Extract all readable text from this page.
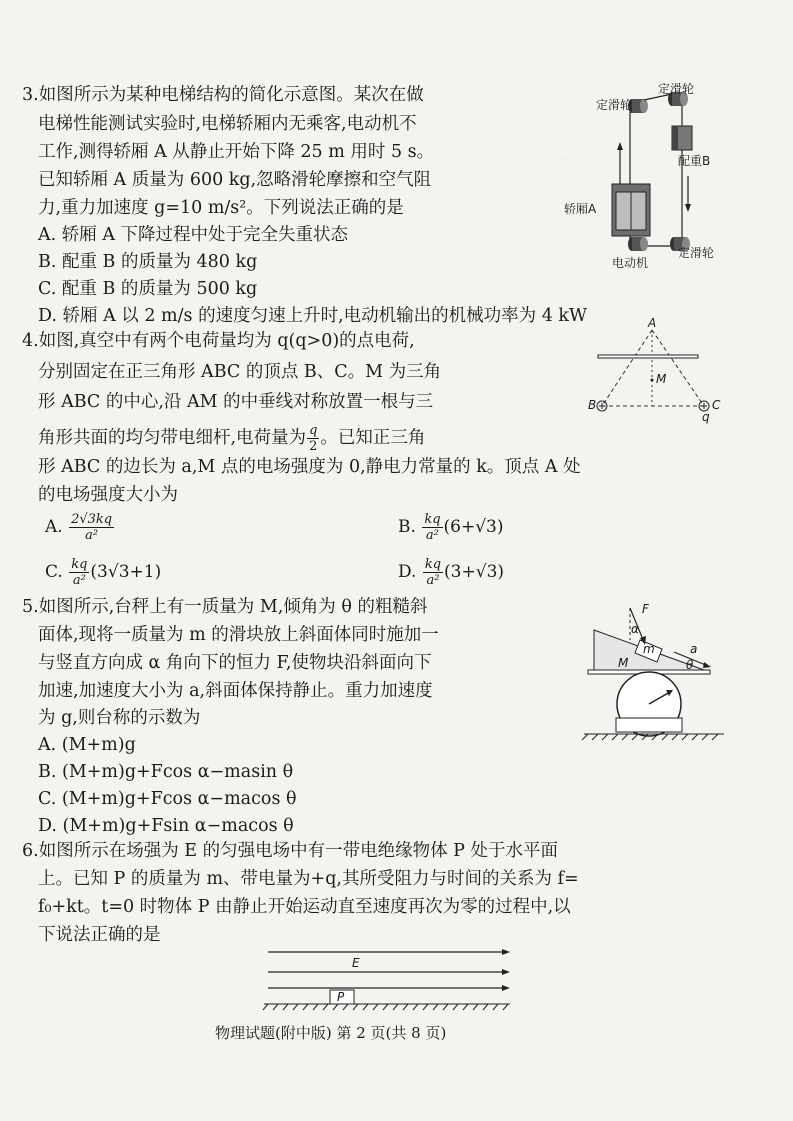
·
3.如图所示为某种电梯结构的简化示意图。某次在做
电梯性能测试实验时,电梯轿厢内无乘客,电动机不
工作,测得轿厢 A 从静止开始下降 25 m 用时 5 s。
已知轿厢 A 质量为 600 kg,忽略滑轮摩擦和空气阻
力,重力加速度 g=10 m/s²。下列说法正确的是
A. 轿厢 A 下降过程中处于完全失重状态
B. 配重 B 的质量为 480 kg
C. 配重 B 的质量为 500 kg
D. 轿厢 A 以 2 m/s 的速度匀速上升时,电动机输出的机械功率为 4 kW
定滑轮
定滑轮
配重B
轿厢A
电动机
定滑轮
4.如图,真空中有两个电荷量均为 q(q>0)的点电荷,
分别固定在正三角形 ABC 的顶点 B、C。M 为三角
形 ABC 的中心,沿 AM 的中垂线对称放置一根与三
角形共面的均匀带电细杆,电荷量为 $\frac{q}{2}$ 。已知正三角
形 ABC 的边长为 a,M 点的电场强度为 0,静电力常量的 k。顶点 A 处
的电场强度大小为
A. $\frac{2√3kq}{\text{a²}}$	B. $\frac{kq}{\text{a²}} (6+√3)$
C. $\frac{kq}{\text{a²}} (3√3+1)$	D. $\frac{kq}{\text{a²}} (3+√3)$
A
M
B	C
q
5.如图所示,台秤上有一质量为 M,倾角为 θ 的粗糙斜
面体,现将一质量为 m 的滑块放上斜面体同时施加一
与竖直方向成 α 角向下的恒力 F,使物块沿斜面向下
加速,加速度大小为 a,斜面体保持静止。重力加速度
为 g,则台称的示数为
A. (M+m)g
B. (M+m)g+Fcos α−masin θ
C. (M+m)g+Fcos α−macos θ
D. (M+m)g+Fsin α−macos θ
F
α
m	a
M	θ
6.如图所示在场强为 E 的匀强电场中有一带电绝缘物体 P 处于水平面
上。已知 P 的质量为 m、带电量为+q,其所受阻力与时间的关系为 f=
f₀+kt。t=0 时物体 P 由静止开始运动直至速度再次为零的过程中,以
下说法正确的是
E
P
物理试题(附中版) 第 2 页(共 8 页)
